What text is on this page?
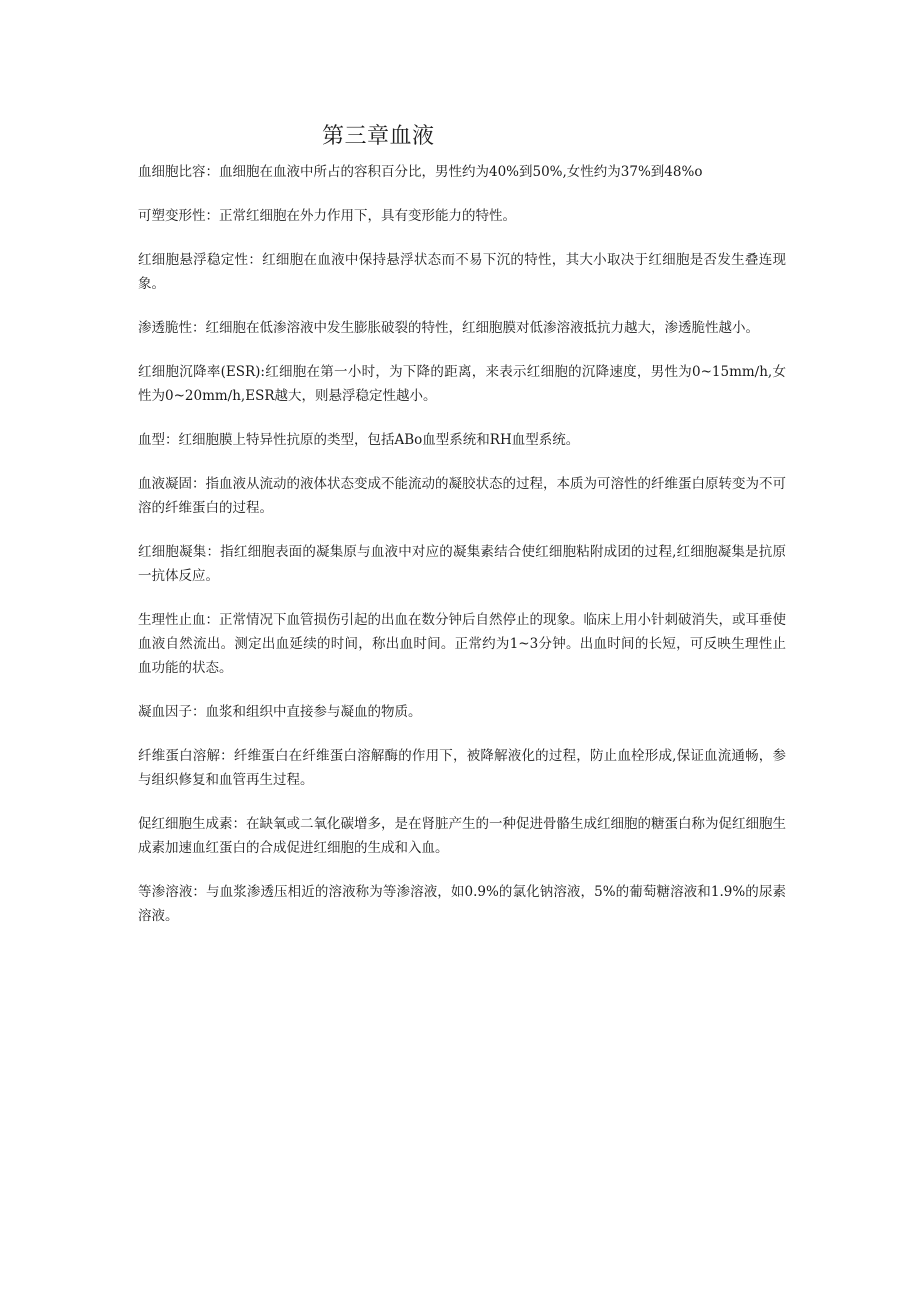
第三章血液

血细胞比容：血细胞在血液中所占的容积百分比，男性约为40%到50%,女性约为37%到48%o

可塑变形性：正常红细胞在外力作用下，具有变形能力的特性。

红细胞悬浮稳定性：红细胞在血液中保持悬浮状态而不易下沉的特性，其大小取决于红细胞是否发生叠连现象。

渗透脆性：红细胞在低渗溶液中发生膨胀破裂的特性，红细胞膜对低渗溶液抵抗力越大，渗透脆性越小。

红细胞沉降率(ESR):红细胞在第一小时，为下降的距离，来表示红细胞的沉降速度，男性为0~15mm∕h,女性为0~20mm∕h,ESR越大，则悬浮稳定性越小。

血型：红细胞膜上特异性抗原的类型，包括ABo血型系统和RH血型系统。

血液凝固：指血液从流动的液体状态变成不能流动的凝胶状态的过程，本质为可溶性的纤维蛋白原转变为不可溶的纤维蛋白的过程。

红细胞凝集：指红细胞表面的凝集原与血液中对应的凝集素结合使红细胞粘附成团的过程,红细胞凝集是抗原一抗体反应。

生理性止血：正常情况下血管损伤引起的出血在数分钟后自然停止的现象。临床上用小针刺破消失，或耳垂使血液自然流出。测定出血延续的时间，称出血时间。正常约为1~3分钟。出血时间的长短，可反映生理性止血功能的状态。

凝血因子：血浆和组织中直接参与凝血的物质。

纤维蛋白溶解：纤维蛋白在纤维蛋白溶解酶的作用下，被降解液化的过程，防止血栓形成,保证血流通畅，参与组织修复和血管再生过程。

促红细胞生成素：在缺氧或二氧化碳增多，是在肾脏产生的一种促进骨骼生成红细胞的糖蛋白称为促红细胞生成素加速血红蛋白的合成促进红细胞的生成和入血。

等渗溶液：与血浆渗透压相近的溶液称为等渗溶液，如0.9%的氯化钠溶液，5%的葡萄糖溶液和1.9%的尿素溶液。
